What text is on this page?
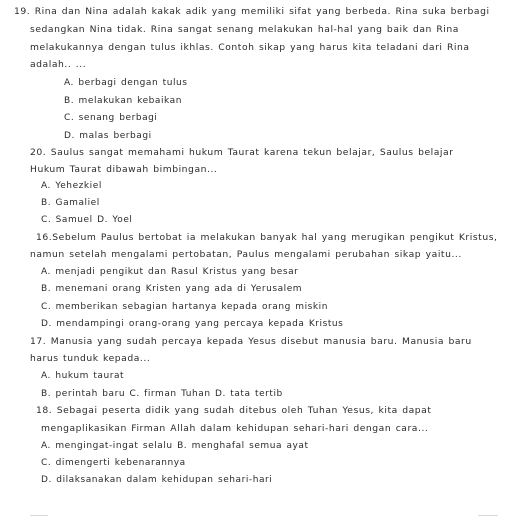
19. Rina dan Nina adalah kakak adik yang memiliki sifat yang berbeda. Rina suka berbagi
sedangkan Nina tidak. Rina sangat senang melakukan hal-hal yang baik dan Rina
melakukannya dengan tulus ikhlas. Contoh sikap yang harus kita teladani dari Rina
adalah.. ...
A. berbagi dengan tulus
B. melakukan kebaikan
C. senang berbagi
D. malas berbagi
20. Saulus sangat memahami hukum Taurat karena tekun belajar, Saulus belajar
Hukum Taurat dibawah bimbingan...
A. Yehezkiel
B. Gamaliel
C. Samuel D. Yoel
16.Sebelum Paulus bertobat ia melakukan banyak hal yang merugikan pengikut Kristus,
namun setelah mengalami pertobatan, Paulus mengalami perubahan sikap yaitu...
A. menjadi pengikut dan Rasul Kristus yang besar
B. menemani orang Kristen yang ada di Yerusalem
C. memberikan sebagian hartanya kepada orang miskin
D. mendampingi orang-orang yang percaya kepada Kristus
17. Manusia yang sudah percaya kepada Yesus disebut manusia baru. Manusia baru
harus tunduk kepada...
A. hukum taurat
B. perintah baru C. firman Tuhan D. tata tertib
18. Sebagai peserta didik yang sudah ditebus oleh Tuhan Yesus, kita dapat
mengaplikasikan Firman Allah dalam kehidupan sehari-hari dengan cara...
A. mengingat-ingat selalu B. menghafal semua ayat
C. dimengerti kebenarannya
D. dilaksanakan dalam kehidupan sehari-hari
